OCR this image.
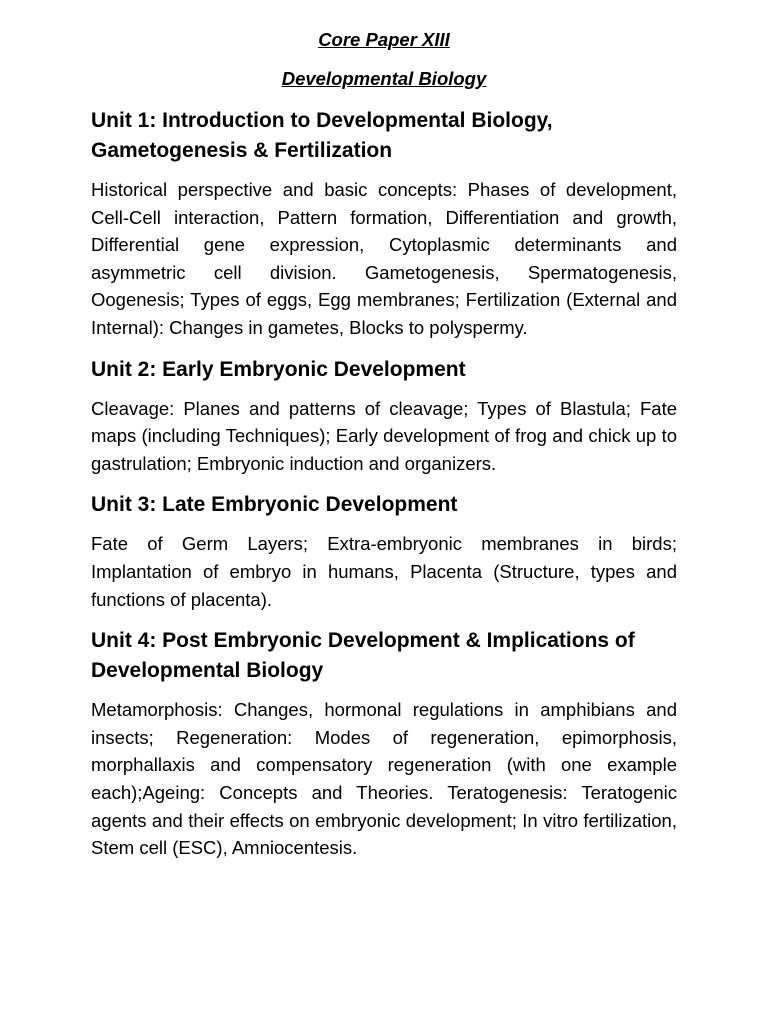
Core Paper XIII

Developmental Biology

Unit 1: Introduction to Developmental Biology, Gametogenesis & Fertilization

Historical perspective and basic concepts: Phases of development, Cell-Cell interaction, Pattern formation, Differentiation and growth, Differential gene expression, Cytoplasmic determinants and asymmetric cell division. Gametogenesis, Spermatogenesis, Oogenesis; Types of eggs, Egg membranes; Fertilization (External and Internal): Changes in gametes, Blocks to polyspermy.

Unit 2: Early Embryonic Development

Cleavage: Planes and patterns of cleavage; Types of Blastula; Fate maps (including Techniques); Early development of frog and chick up to gastrulation; Embryonic induction and organizers.

Unit 3: Late Embryonic Development

Fate of Germ Layers; Extra-embryonic membranes in birds; Implantation of embryo in humans, Placenta (Structure, types and functions of placenta).

Unit 4: Post Embryonic Development & Implications of Developmental Biology

Metamorphosis: Changes, hormonal regulations in amphibians and insects; Regeneration: Modes of regeneration, epimorphosis, morphallaxis and compensatory regeneration (with one example each);Ageing: Concepts and Theories. Teratogenesis: Teratogenic agents and their effects on embryonic development; In vitro fertilization, Stem cell (ESC), Amniocentesis.
